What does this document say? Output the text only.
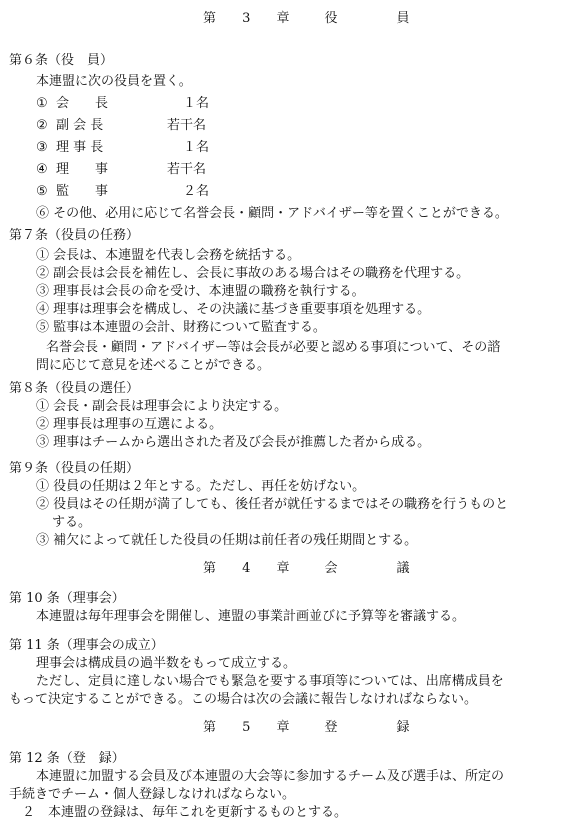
第 3 章　役　　員
第６条（役　員）
本連盟に次の役員を置く。
① 会　　長	１名
② 副 会 長	若干名
③ 理 事 長	１名
④ 理　　事	若干名
⑤ 監　　事	２名
⑥ その他、必用に応じて名誉会長・顧問・アドバイザー等を置くことができる。
第７条（役員の任務）
① 会長は、本連盟を代表し会務を統括する。
② 副会長は会長を補佐し、会長に事故のある場合はその職務を代理する。
③ 理事長は会長の命を受け、本連盟の職務を執行する。
④ 理事は理事会を構成し、その決議に基づき重要事項を処理する。
⑤ 監事は本連盟の会計、財務について監査する。
名誉会長・顧問・アドバイザー等は会長が必要と認める事項について、その諮
問に応じて意見を述べることができる。
第８条（役員の選任）
① 会長・副会長は理事会により決定する。
② 理事長は理事の互選による。
③ 理事はチームから選出された者及び会長が推薦した者から成る。
第９条（役員の任期）
① 役員の任期は２年とする。ただし、再任を妨げない。
② 役員はその任期が満了しても、後任者が就任するまではその職務を行うものと
する。
③ 補欠によって就任した役員の任期は前任者の残任期間とする。
第 4 章　会　　議
第 10 条（理事会）
本連盟は毎年理事会を開催し、連盟の事業計画並びに予算等を審議する。
第 11 条（理事会の成立）
理事会は構成員の過半数をもって成立する。
ただし、定員に達しない場合でも緊急を要する事項等については、出席構成員を
もって決定することができる。この場合は次の会議に報告しなければならない。
第 5 章　登　　録
第 12 条（登　録）
本連盟に加盟する会員及び本連盟の大会等に参加するチーム及び選手は、所定の
手続きでチーム・個人登録しなければならない。
２　本連盟の登録は、毎年これを更新するものとする。
